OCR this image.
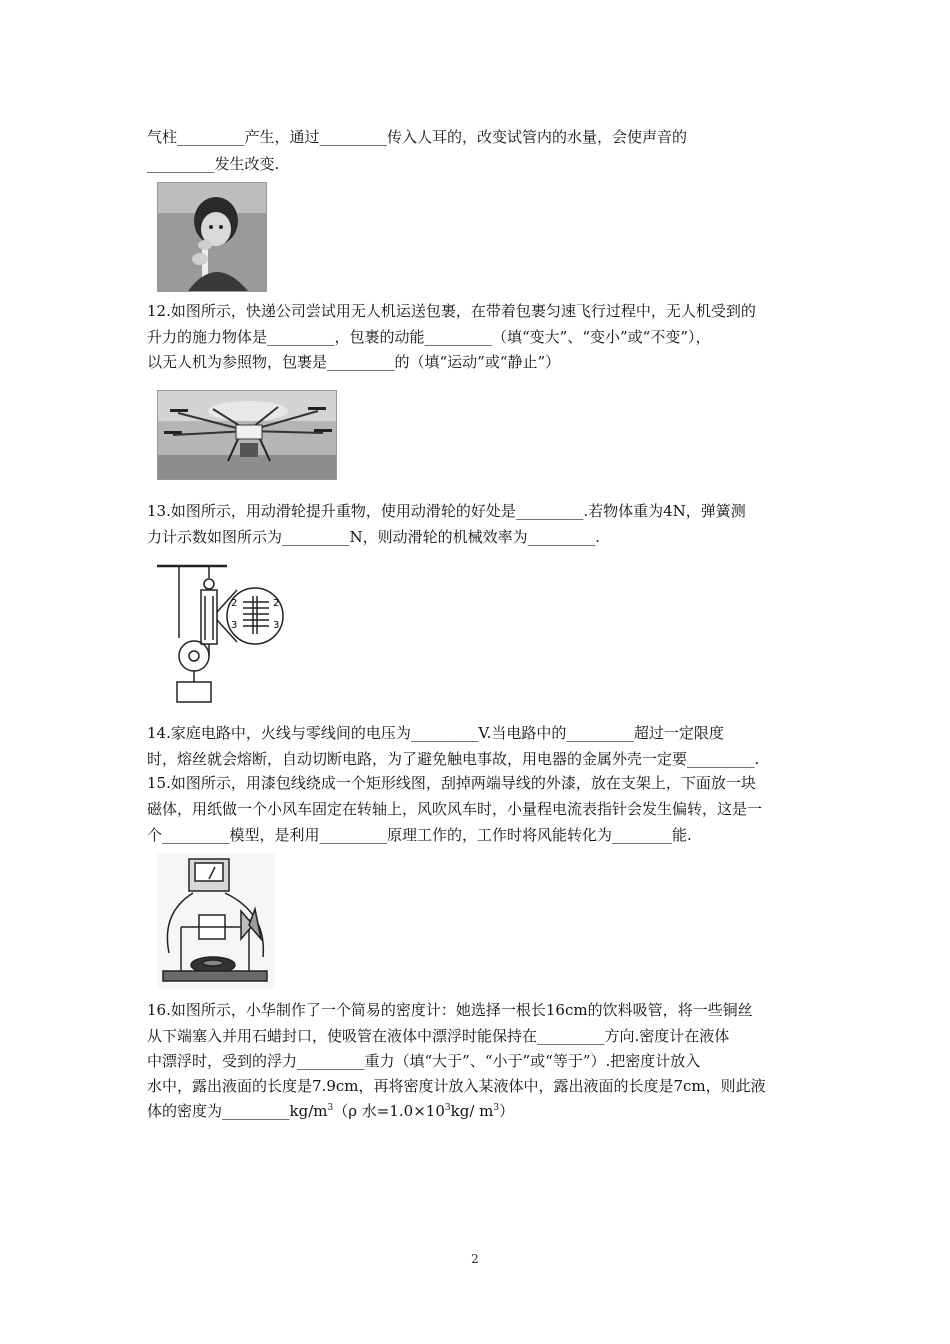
气柱_________产生，通过_________传入人耳的，改变试管内的水量，会使声音的
_________发生改变.
12.如图所示，快递公司尝试用无人机运送包裹，在带着包裹匀速飞行过程中，无人机受到的
升力的施力物体是_________，包裹的动能_________（填“变大”、“变小”或“不变”），
以无人机为参照物，包裹是_________的（填“运动”或“静止”）
13.如图所示，用动滑轮提升重物，使用动滑轮的好处是_________.若物体重为4N，弹簧测
力计示数如图所示为_________N，则动滑轮的机械效率为_________.
2
3
2
3
14.家庭电路中，火线与零线间的电压为_________V.当电路中的_________超过一定限度
时，熔丝就会熔断，自动切断电路，为了避免触电事故，用电器的金属外壳一定要_________.
15.如图所示，用漆包线绕成一个矩形线图，刮掉两端导线的外漆，放在支架上，下面放一块
磁体，用纸做一个小风车固定在转轴上，风吹风车时，小量程电流表指针会发生偏转，这是一
个_________模型，是利用_________原理工作的，工作时将风能转化为________能.
16.如图所示，小华制作了一个简易的密度计：她选择一根长16cm的饮料吸管，将一些铜丝
从下端塞入并用石蜡封口，使吸管在液体中漂浮时能保持在_________方向.密度计在液体
中漂浮时，受到的浮力_________重力（填“大于”、“小于”或“等于”）.把密度计放入
水中，露出液面的长度是7.9cm，再将密度计放入某液体中，露出液面的长度是7cm，则此液
体的密度为$\_\_\_\_\_\_\_\_\_kg/m^3(\rho$ 水$=1.0\times 10^3kg/$ $m^3$）
2
